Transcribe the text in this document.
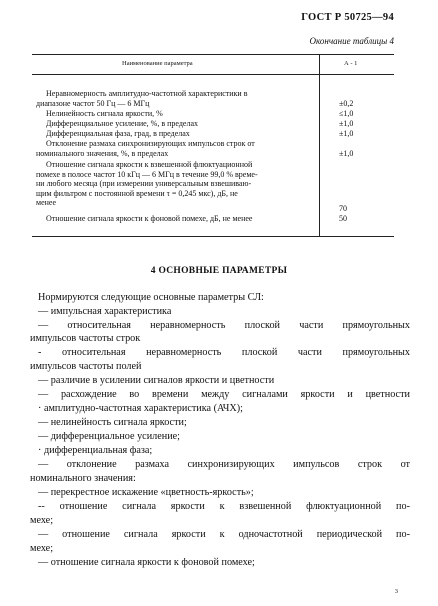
ГОСТ Р 50725—94
Окончание таблицы 4
Наименование параметра	А - 1
Неравномерность амплитудно-частотной характеристики в
диапазоне частот 50 Гц — 6 МГц	±0,2
Нелинейность сигнала яркости, %	≤1,0
Дифференциальное усиление, %, в пределах	±1,0
Дифференциальная фаза, град, в пределах	±1,0
Отклонение размаха синхронизирующих импульсов строк от
номинального значения, %, в пределах	±1,0
Отношение сигнала яркости к взвешенной флюктуационной
помехе в полосе частот 10 кГц — 6 МГц в течение 99,0 % време-
ни любого месяца (при измерении универсальным взвешиваю-
щим фильтром с постоянной времени τ = 0,245 мкс), дБ, не
менее
70
Отношение сигнала яркости к фоновой помехе, дБ, не менее	50
4 ОСНОВНЫЕ ПАРАМЕТРЫ
Нормируются следующие основные параметры СЛ:
— импульсная характеристика
— относительная неравномерность плоской части прямоугольных
импульсов частоты строк
- относительная неравномерность плоской части прямоугольных
импульсов частоты полей
— различие в усилении сигналов яркости и цветности
— расхождение во времени между сигналами яркости и цветности
· амплитудно-частотная характеристика (АЧХ);
— нелинейность сигнала яркости;
— дифференциальное усиление;
· дифференциальная фаза;
— отклонение размаха синхронизирующих импульсов строк от
номинального значения:
— перекрестное искажение «цветность-яркость»;
-- отношение сигнала яркости к взвешенной флюктуационной по-
мехе;
— отношение сигнала яркости к одночастотной периодической по-
мехе;
— отношение сигнала яркости к фоновой помехе;
3
